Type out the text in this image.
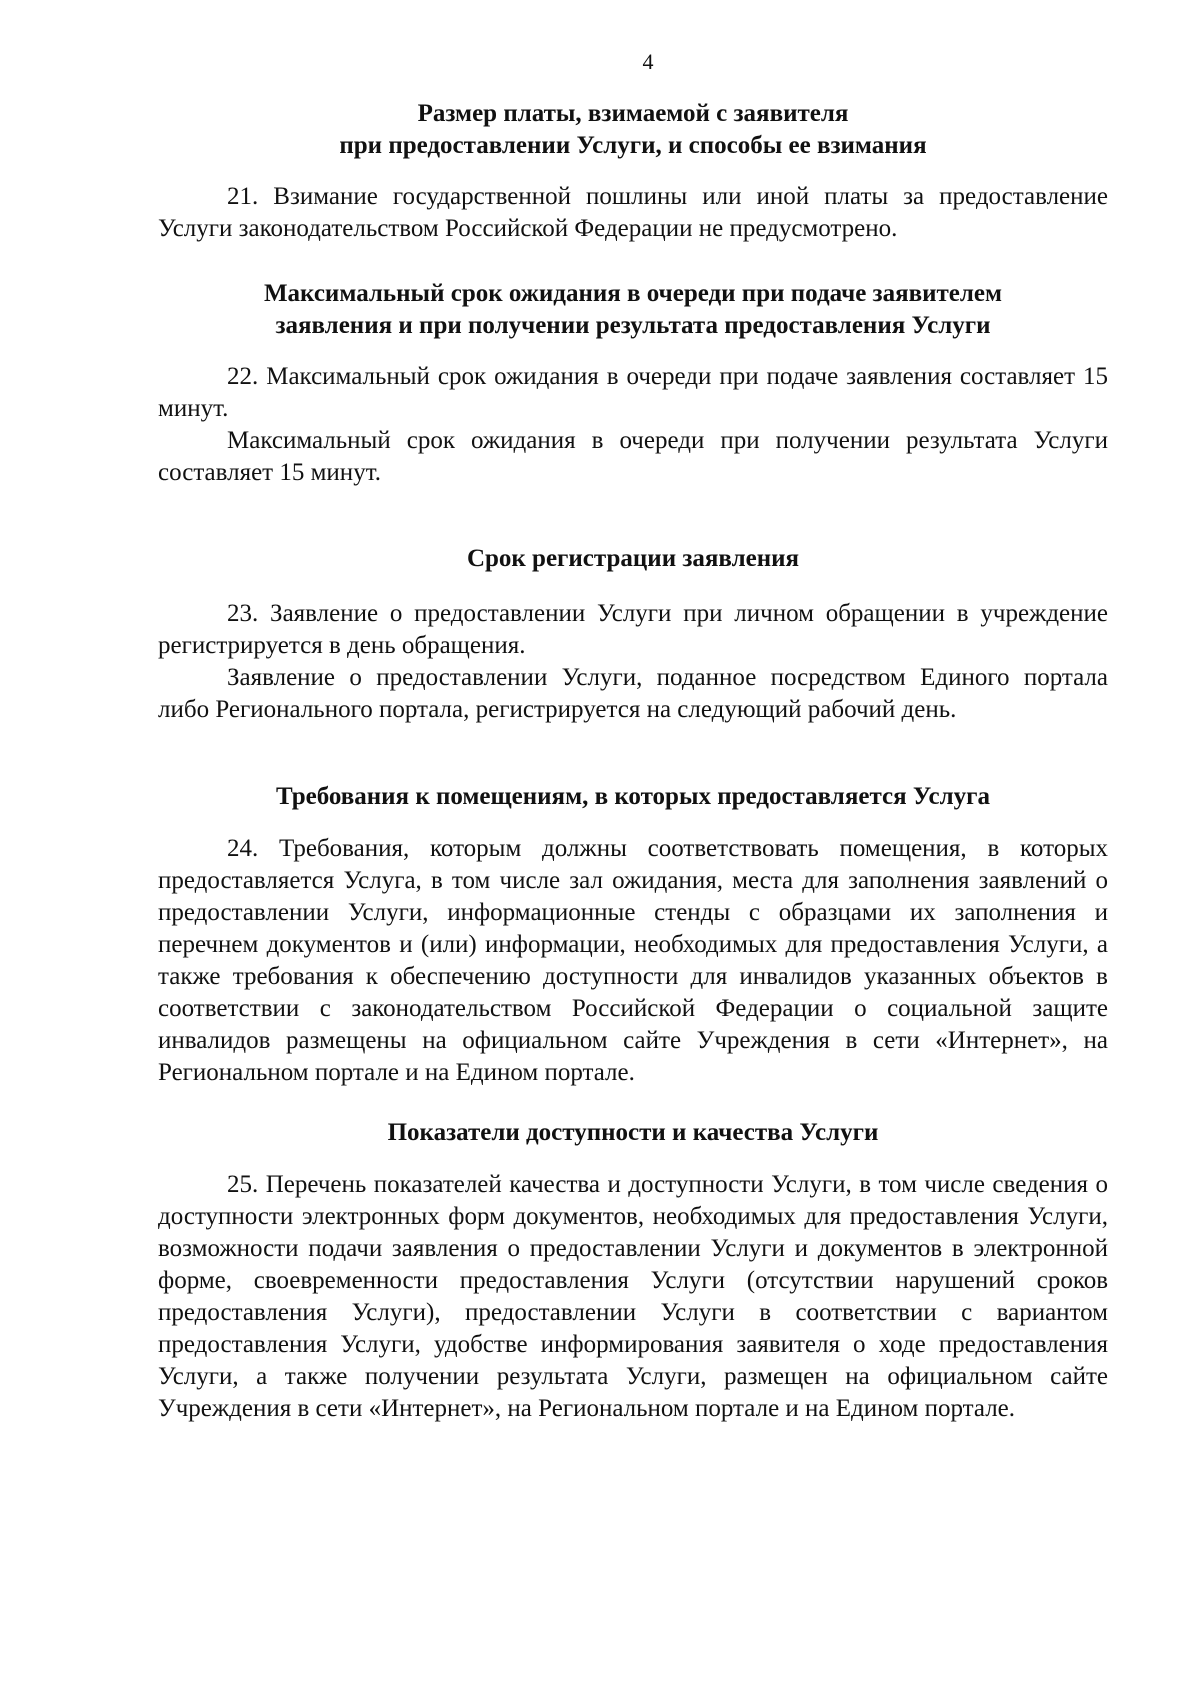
4
Размер платы, взимаемой с заявителя
при предоставлении Услуги, и способы ее взимания

21. Взимание государственной пошлины или иной платы за предоставление Услуги законодательством Российской Федерации не предусмотрено.

Максимальный срок ожидания в очереди при подаче заявителем
заявления и при получении результата предоставления Услуги

22. Максимальный срок ожидания в очереди при подаче заявления составляет 15 минут.

Максимальный срок ожидания в очереди при получении результата Услуги составляет 15 минут.

Срок регистрации заявления

23. Заявление о предоставлении Услуги при личном обращении в учреждение регистрируется в день обращения.

Заявление о предоставлении Услуги, поданное посредством Единого портала либо Регионального портала, регистрируется на следующий рабочий день.

Требования к помещениям, в которых предоставляется Услуга

24. Требования, которым должны соответствовать помещения, в которых предоставляется Услуга, в том числе зал ожидания, места для заполнения заявлений о предоставлении Услуги, информационные стенды с образцами их заполнения и перечнем документов и (или) информации, необходимых для предоставления Услуги, а также требования к обеспечению доступности для инвалидов указанных объектов в соответствии с законодательством Российской Федерации о социальной защите инвалидов размещены на официальном сайте Учреждения в сети «Интернет», на Региональном портале и на Едином портале.

Показатели доступности и качества Услуги

25. Перечень показателей качества и доступности Услуги, в том числе сведения о доступности электронных форм документов, необходимых для предоставления Услуги, возможности подачи заявления о предоставлении Услуги и документов в электронной форме, своевременности предоставления Услуги (отсутствии нарушений сроков предоставления Услуги), предоставлении Услуги в соответствии с вариантом предоставления Услуги, удобстве информирования заявителя о ходе предоставления Услуги, а также получении результата Услуги, размещен на официальном сайте Учреждения в сети «Интернет», на Региональном портале и на Едином портале.
